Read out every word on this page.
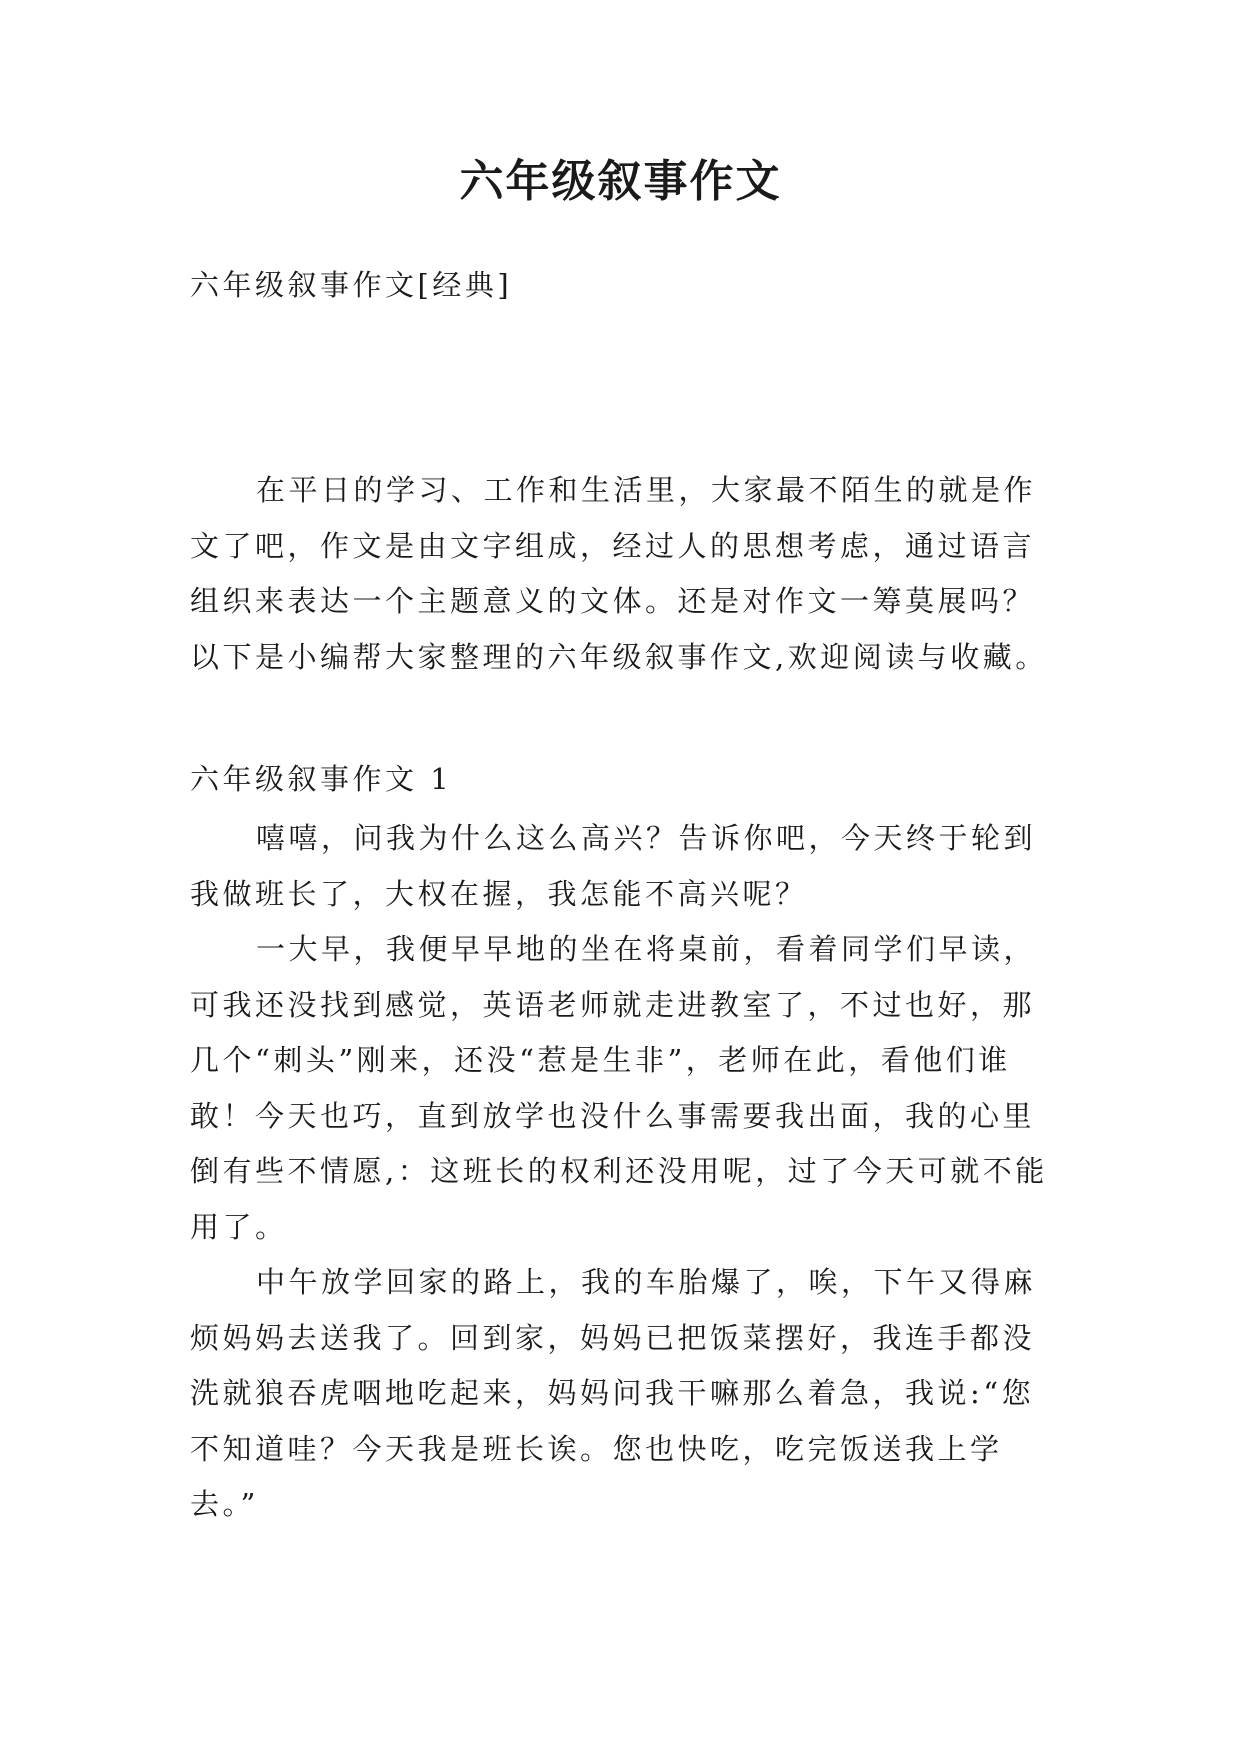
六年级叙事作文

六年级叙事作文[经典]

在平日的学习、工作和生活里，大家最不陌生的就是作文了吧，作文是由文字组成，经过人的思想考虑，通过语言组织来表达一个主题意义的文体。还是对作文一筹莫展吗？以下是小编帮大家整理的六年级叙事作文,欢迎阅读与收藏。

六年级叙事作文 1

嘻嘻，问我为什么这么高兴？告诉你吧，今天终于轮到我做班长了，大权在握，我怎能不高兴呢？

一大早，我便早早地的坐在将桌前，看着同学们早读，可我还没找到感觉，英语老师就走进教室了，不过也好，那几个“刺头”刚来，还没“惹是生非”，老师在此，看他们谁敢！今天也巧，直到放学也没什么事需要我出面，我的心里倒有些不情愿,：这班长的权利还没用呢，过了今天可就不能用了。

中午放学回家的路上，我的车胎爆了，唉，下午又得麻烦妈妈去送我了。回到家，妈妈已把饭菜摆好，我连手都没洗就狼吞虎咽地吃起来，妈妈问我干嘛那么着急，我说:“您不知道哇？今天我是班长诶。您也快吃，吃完饭送我上学去。”
